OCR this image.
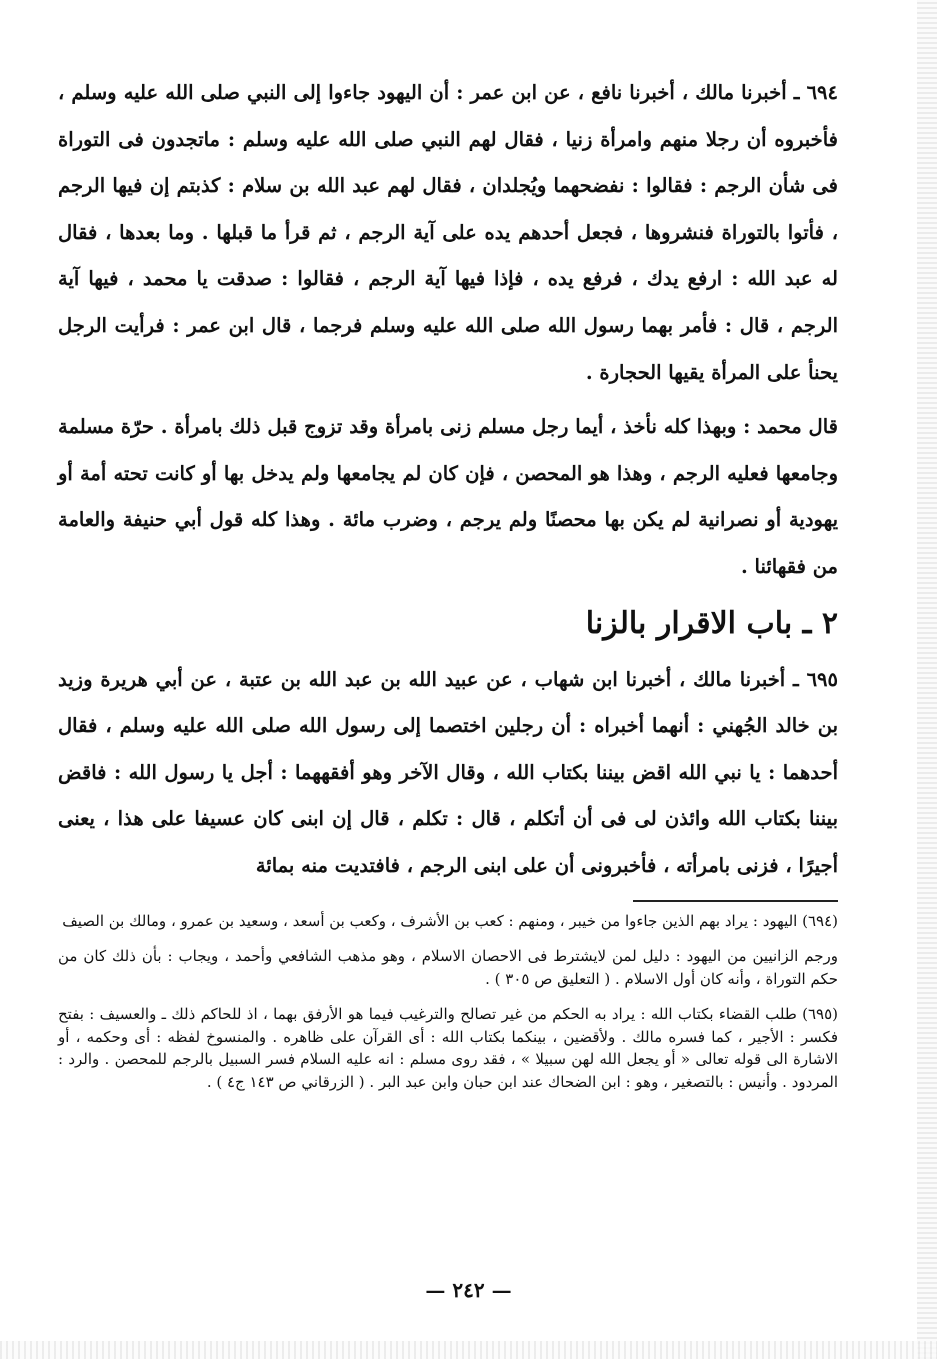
٦٩٤ ـ أخبرنا مالك ، أخبرنا نافع ، عن ابن عمر : أن اليهود جاءوا إلى النبي صلى الله عليه وسلم ، فأخبروه أن رجلا منهم وامرأة زنيا ، فقال لهم النبي صلى الله عليه وسلم : ماتجدون فى التوراة فى شأن الرجم : فقالوا : نفضحهما ويُجلدان ، فقال لهم عبد الله بن سلام : كذبتم إن فيها الرجم ، فأتوا بالتوراة فنشروها ، فجعل أحدهم يده على آية الرجم ، ثم قرأ ما قبلها . وما بعدها ، فقال له عبد الله : ارفع يدك ، فرفع يده ، فإذا فيها آية الرجم ، فقالوا : صدقت يا محمد ، فيها آية الرجم ، قال : فأمر بهما رسول الله صلى الله عليه وسلم فرجما ، قال ابن عمر : فرأيت الرجل يحنأ على المرأة يقيها الحجارة .

قال محمد : وبهذا كله نأخذ ، أيما رجل مسلم زنى بامرأة وقد تزوج قبل ذلك بامرأة . حرّة مسلمة وجامعها فعليه الرجم ، وهذا هو المحصن ، فإن كان لم يجامعها ولم يدخل بها أو كانت تحته أمة أو يهودية أو نصرانية لم يكن بها محصنًا ولم يرجم ، وضرب مائة . وهذا كله قول أبي حنيفة والعامة من فقهائنا .

٢ ـ باب الاقرار بالزنا

٦٩٥ ـ أخبرنا مالك ، أخبرنا ابن شهاب ، عن عبيد الله بن عبد الله بن عتبة ، عن أبي هريرة وزيد بن خالد الجُهني : أنهما أخبراه : أن رجلين اختصما إلى رسول الله صلى الله عليه وسلم ، فقال أحدهما : يا نبي الله اقض بيننا بكتاب الله ، وقال الآخر وهو أفقههما : أجل يا رسول الله : فاقض بيننا بكتاب الله وائذن لى فى أن أتكلم ، قال : تكلم ، قال إن ابنى كان عسيفا على هذا ، يعنى أجيرًا ، فزنى بامرأته ، فأخبرونى أن على ابنى الرجم ، فافتديت منه بمائة

(٦٩٤) اليهود : يراد بهم الذين جاءوا من خيبر ، ومنهم : كعب بن الأشرف ، وكعب بن أسعد ، وسعيد بن عمرو ، ومالك بن الصيف

ورجم الزانيين من اليهود : دليل لمن لايشترط فى الاحصان الاسلام ، وهو مذهب الشافعي وأحمد ، ويجاب : بأن ذلك كان من حكم التوراة ، وأنه كان أول الاسلام . ( التعليق ص ٣٠٥ ) .

(٦٩٥) طلب القضاء بكتاب الله : يراد به الحكم من غير تصالح والترغيب فيما هو الأرفق بهما ، اذ للحاكم ذلك ـ والعسيف : بفتح فكسر : الأجير ، كما فسره مالك . ولأقضين ، بينكما بكتاب الله : أى القرآن على ظاهره . والمنسوخ لفظه : أى وحكمه ، أو الاشارة الى قوله تعالى « أو يجعل الله لهن سبيلا » ، فقد روى مسلم : انه عليه السلام فسر السبيل بالرجم للمحصن . والرد : المردود . وأنيس : بالتصغير ، وهو : ابن الضحاك عند ابن حبان وابن عبد البر . ( الزرقاني ص ١٤٣ ج٤ ) .

— ٢٤٢ —
